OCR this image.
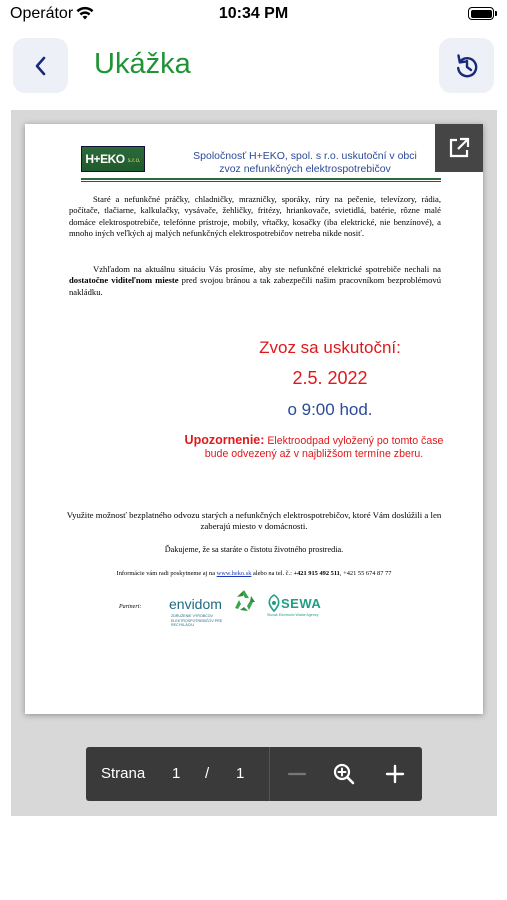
Operátor	10:34 PM
Ukážka
H+EKO s.r.o.	Spoločnosť H+EKO, spol. s r.o. uskutoční v obci
zvoz nefunkčných elektrospotrebičov

Staré a nefunkčné práčky, chladničky, mrazničky, sporáky, rúry na pečenie, televízory, rádia, počítače, tlačiarne, kalkulačky, vysávače, žehličky, fritézy, hriankovače, svietidlá, batérie, rôzne malé domáce elektrospotrebiče, telefónne prístroje, mobily, vŕtačky, kosačky (iba elektrické, nie benzínové), a mnoho iných veľkých aj malých nefunkčných elektrospotrebičov netreba nikde nosiť.

Vzhľadom na aktuálnu situáciu Vás prosíme, aby ste nefunkčné elektrické spotrebiče nechali na dostatočne viditeľnom mieste pred svojou bránou a tak zabezpečili našim pracovníkom bezproblémovú nakládku.

Zvoz sa uskutoční:
2.5. 2022
o 9:00 hod.
Upozornenie: Elektroodpad vyložený po tomto čase bude odvezený až v najbližšom termíne zberu.

Využite možnosť bezplatného odvozu starých a nefunkčných elektrospotrebičov, ktoré Vám doslúžili a len zaberajú miesto v domácnosti.

Ďakujeme, že sa staráte o čistotu životného prostredia.

Informácie vám radi poskytneme aj na www.heko.sk alebo na tel. č.: +421 915 492 511, +421 55 674 87 77
Partneri: envidom
ZDRUŽENIE VÝROBCOV ELEKTROSPOTREBIČOV PRE RECYKLÁCIU
SEWA
Slovak Electronic Waste Agency
Strana 1 / 1
